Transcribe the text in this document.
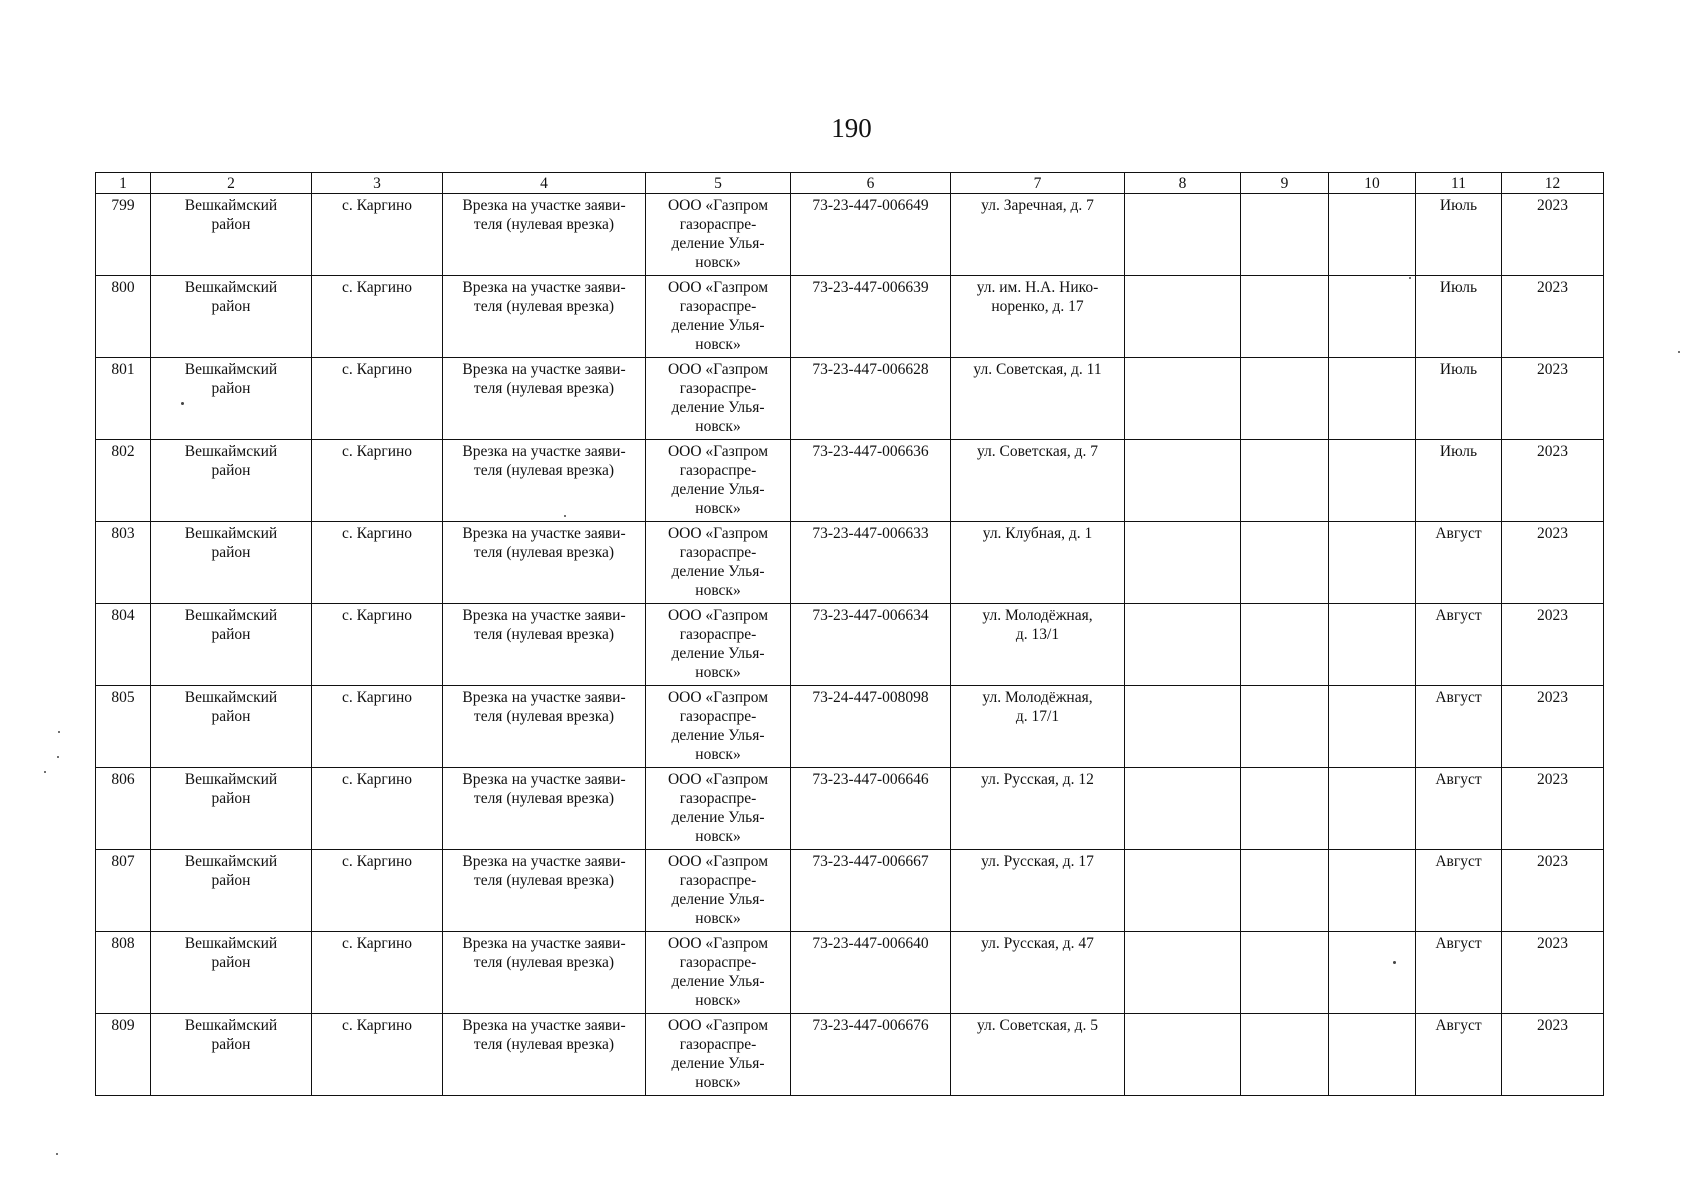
190
1	2	3	4	5	6	7	8	9	10	11	12
799	Вешкаймский
район	с. Каргино	Врезка на участке заяви-
теля (нулевая врезка)	ООО «Газпром
газораспре-
деление Улья-
новск»	73-23-447-006649	ул. Заречная, д. 7				Июль	2023
800	Вешкаймский
район	с. Каргино	Врезка на участке заяви-
теля (нулевая врезка)	ООО «Газпром
газораспре-
деление Улья-
новск»	73-23-447-006639	ул. им. Н.А. Нико-
норенко, д. 17				Июль	2023
801	Вешкаймский
район	с. Каргино	Врезка на участке заяви-
теля (нулевая врезка)	ООО «Газпром
газораспре-
деление Улья-
новск»	73-23-447-006628	ул. Советская, д. 11				Июль	2023
802	Вешкаймский
район	с. Каргино	Врезка на участке заяви-
теля (нулевая врезка)	ООО «Газпром
газораспре-
деление Улья-
новск»	73-23-447-006636	ул. Советская, д. 7				Июль	2023
803	Вешкаймский
район	с. Каргино	Врезка на участке заяви-
теля (нулевая врезка)	ООО «Газпром
газораспре-
деление Улья-
новск»	73-23-447-006633	ул. Клубная, д. 1				Август	2023
804	Вешкаймский
район	с. Каргино	Врезка на участке заяви-
теля (нулевая врезка)	ООО «Газпром
газораспре-
деление Улья-
новск»	73-23-447-006634	ул. Молодёжная,
д. 13/1				Август	2023
805	Вешкаймский
район	с. Каргино	Врезка на участке заяви-
теля (нулевая врезка)	ООО «Газпром
газораспре-
деление Улья-
новск»	73-24-447-008098	ул. Молодёжная,
д. 17/1				Август	2023
806	Вешкаймский
район	с. Каргино	Врезка на участке заяви-
теля (нулевая врезка)	ООО «Газпром
газораспре-
деление Улья-
новск»	73-23-447-006646	ул. Русская, д. 12				Август	2023
807	Вешкаймский
район	с. Каргино	Врезка на участке заяви-
теля (нулевая врезка)	ООО «Газпром
газораспре-
деление Улья-
новск»	73-23-447-006667	ул. Русская, д. 17				Август	2023
808	Вешкаймский
район	с. Каргино	Врезка на участке заяви-
теля (нулевая врезка)	ООО «Газпром
газораспре-
деление Улья-
новск»	73-23-447-006640	ул. Русская, д. 47				Август	2023
809	Вешкаймский
район	с. Каргино	Врезка на участке заяви-
теля (нулевая врезка)	ООО «Газпром
газораспре-
деление Улья-
новск»	73-23-447-006676	ул. Советская, д. 5				Август	2023
